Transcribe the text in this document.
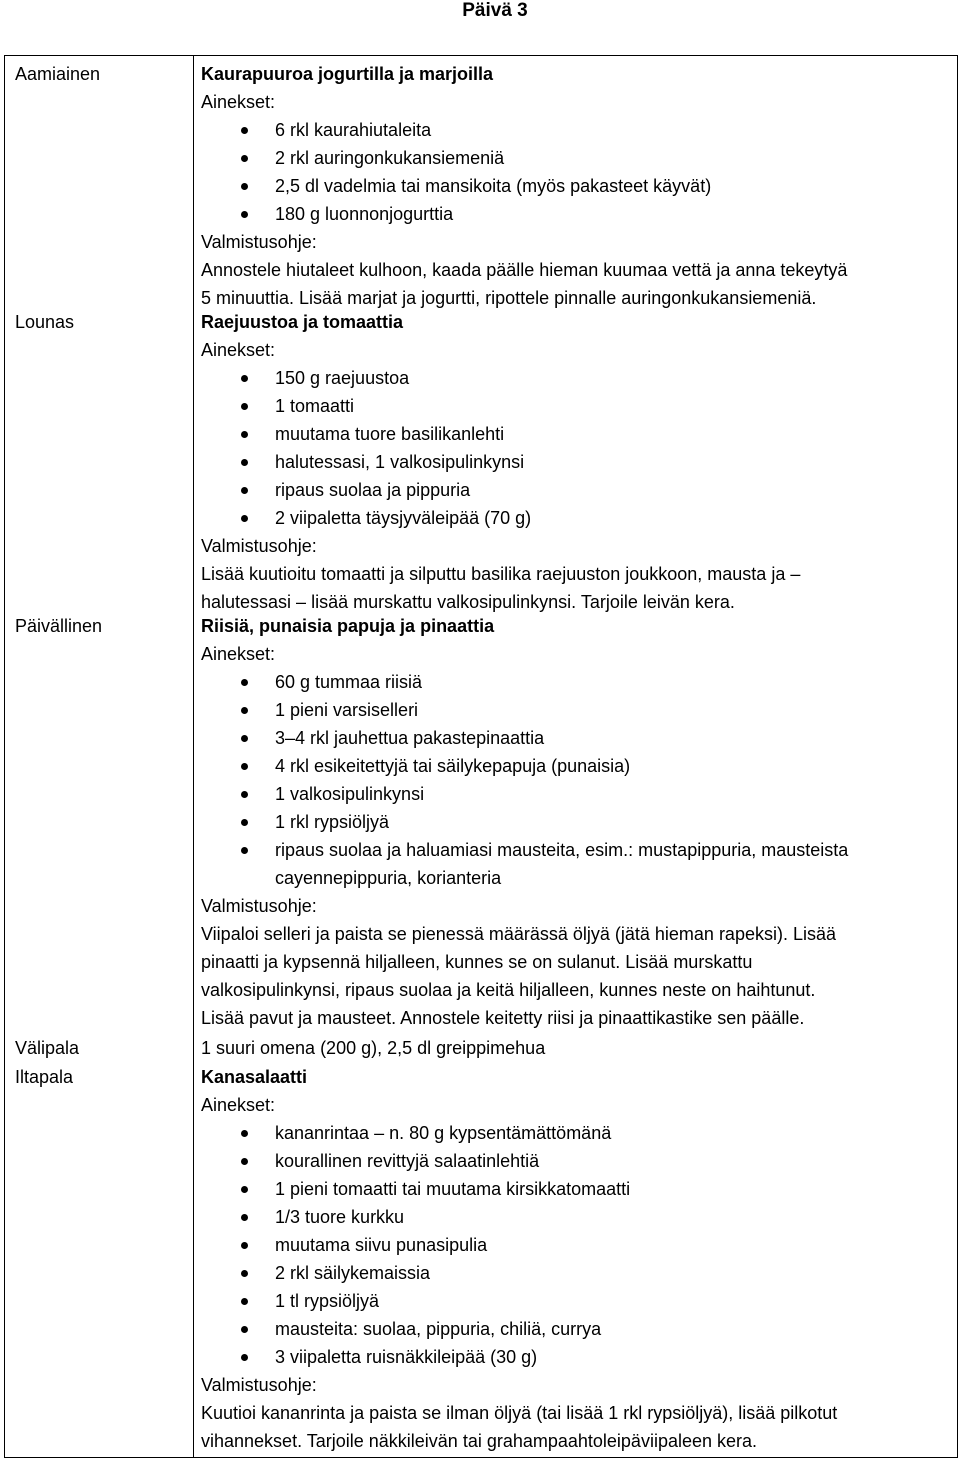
Päivä 3
Aamiainen	Kaurapuuroa jogurtilla ja marjoilla
Ainekset:
6 rkl kaurahiutaleita
2 rkl auringonkukansiemeniä
2,5 dl vadelmia tai mansikoita (myös pakasteet käyvät)
180 g luonnonjogurttia
Valmistusohje:
Annostele hiutaleet kulhoon, kaada päälle hieman kuumaa vettä ja anna tekeytyä
5 minuuttia. Lisää marjat ja jogurtti, ripottele pinnalle auringonkukansiemeniä.
Lounas	Raejuustoa ja tomaattia
Ainekset:
150 g raejuustoa
1 tomaatti
muutama tuore basilikanlehti
halutessasi, 1 valkosipulinkynsi
ripaus suolaa ja pippuria
2 viipaletta täysjyväleipää (70 g)
Valmistusohje:
Lisää kuutioitu tomaatti ja silputtu basilika raejuuston joukkoon, mausta ja –
halutessasi – lisää murskattu valkosipulinkynsi. Tarjoile leivän kera.
Päivällinen	Riisiä, punaisia papuja ja pinaattia
Ainekset:
60 g tummaa riisiä
1 pieni varsiselleri
3–4 rkl jauhettua pakastepinaattia
4 rkl esikeitettyjä tai säilykepapuja (punaisia)
1 valkosipulinkynsi
1 rkl rypsiöljyä
ripaus suolaa ja haluamiasi mausteita, esim.: mustapippuria, mausteista cayennepippuria, korianteria
Valmistusohje:
Viipaloi selleri ja paista se pienessä määrässä öljyä (jätä hieman rapeksi). Lisää
pinaatti ja kypsennä hiljalleen, kunnes se on sulanut. Lisää murskattu
valkosipulinkynsi, ripaus suolaa ja keitä hiljalleen, kunnes neste on haihtunut.
Lisää pavut ja mausteet. Annostele keitetty riisi ja pinaattikastike sen päälle.
Välipala	1 suuri omena (200 g), 2,5 dl greippimehua
Iltapala	Kanasalaatti
Ainekset:
kananrintaa – n. 80 g kypsentämättömänä
kourallinen revittyjä salaatinlehtiä
1 pieni tomaatti tai muutama kirsikkatomaatti
1/3 tuore kurkku
muutama siivu punasipulia
2 rkl säilykemaissia
1 tl rypsiöljyä
mausteita: suolaa, pippuria, chiliä, currya
3 viipaletta ruisnäkkileipää (30 g)
Valmistusohje:
Kuutioi kananrinta ja paista se ilman öljyä (tai lisää 1 rkl rypsiöljyä), lisää pilkotut
vihannekset. Tarjoile näkkileivän tai grahampaahtoleipäviipaleen kera.
